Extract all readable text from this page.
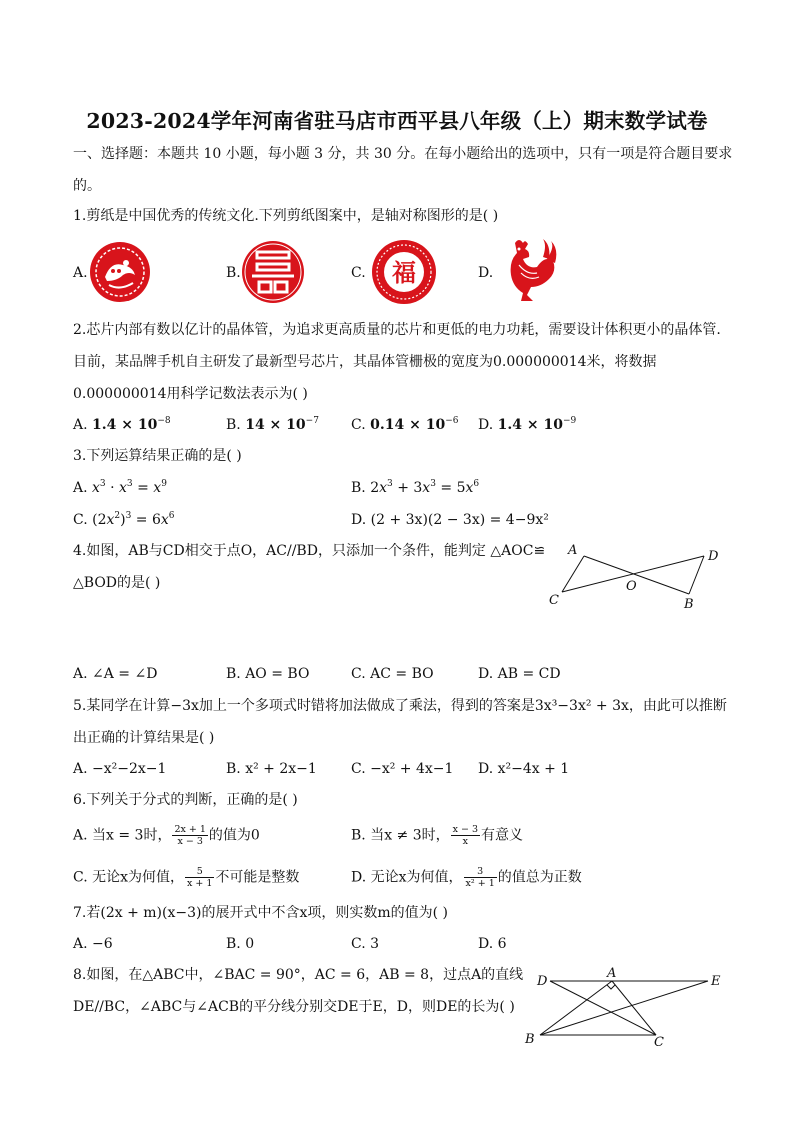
2023-2024学年河南省驻马店市西平县八年级（上）期末数学试卷
一、选择题：本题共 10 小题，每小题 3 分，共 30 分。在每小题给出的选项中，只有一项是符合题目要求
的。
1.剪纸是中国优秀的传统文化.下列剪纸图案中，是轴对称图形的是( )
A.	B.	C. 福	D.
2.芯片内部有数以亿计的晶体管，为追求更高质量的芯片和更低的电力功耗，需要设计体积更小的晶体管.
目前，某品牌手机自主研发了最新型号芯片，其晶体管栅极的宽度为0.000000014米，将数据
0.000000014用科学记数法表示为( )
A. $1.4 \times 10^{-8}$	B. $14 \times 10^{-7}$ C. $0.14 \times 10^{-6}$ D. $1.4 \times 10^{-9}$
3.下列运算结果正确的是( )
A. $x^3 \cdot x^3 = x^9$	B. $2x^3 + 3x^3 = 5x^6$
C. $(2x^2)^3 = 6x^6$	D. (2 + 3x)(2 − 3x) = 4−9x²
4.如图，AB与CD相交于点O，AC//BD，只添加一个条件，能判定 △AOC≌
△BOD的是( )
A	D
O
C	B
A. ∠A = ∠D	B. AO = BO	C. AC = BO	D. AB = CD
5.某同学在计算−3x加上一个多项式时错将加法做成了乘法，得到的答案是3x³−3x² + 3x，由此可以推断
出正确的计算结果是( )
A. −x²−2x−1	B. x² + 2x−1 C. −x² + 4x−1 D. x²−4x + 1
6.下列关于分式的判断，正确的是( )
A. 当x = 3时， $\frac{2x + 1}{x - 3}$ 的值为0	B. 当x ≠ 3时， $\frac{x - 3}{x}$ 有意义
C. 无论x为何值， $\frac{5}{x + 1}$ 不可能是整数	D. 无论x为何值， $\frac{3}{\text{x² + 1}}$ 的值总为正数
7.若(2x + m)(x−3)的展开式中不含x项，则实数m的值为( )
A. −6	B. 0	C. 3	D. 6
8.如图，在△ABC中，∠BAC = 90°，AC = 6，AB = 8，过点A的直线
DE//BC，∠ABC与∠ACB的平分线分别交DE于E，D，则DE的长为( )
D
A
E
B	C
